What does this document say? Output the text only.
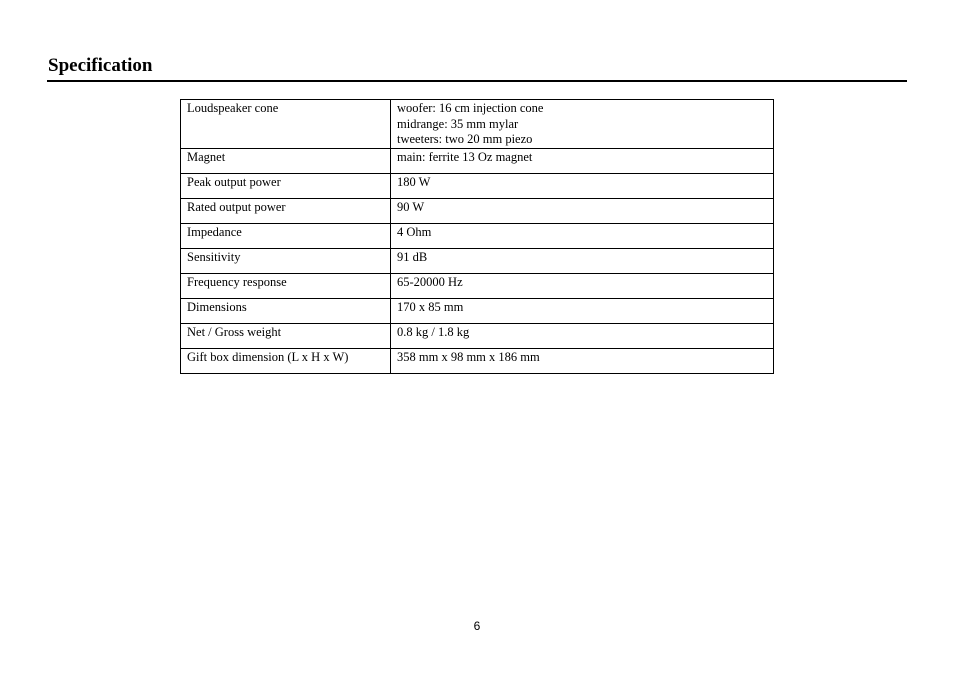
Specification
Loudspeaker cone	woofer: 16 cm injection cone
midrange: 35 mm mylar
tweeters: two 20 mm piezo

Magnet	main: ferrite 13 Oz magnet

Peak output power	180 W

Rated output power	90 W

Impedance	4 Ohm

Sensitivity	91 dB

Frequency response	65-20000 Hz

Dimensions	170 x 85 mm

Net / Gross weight	0.8 kg / 1.8 kg

Gift box dimension (L x H x W)	358 mm x 98 mm x 186 mm
6
